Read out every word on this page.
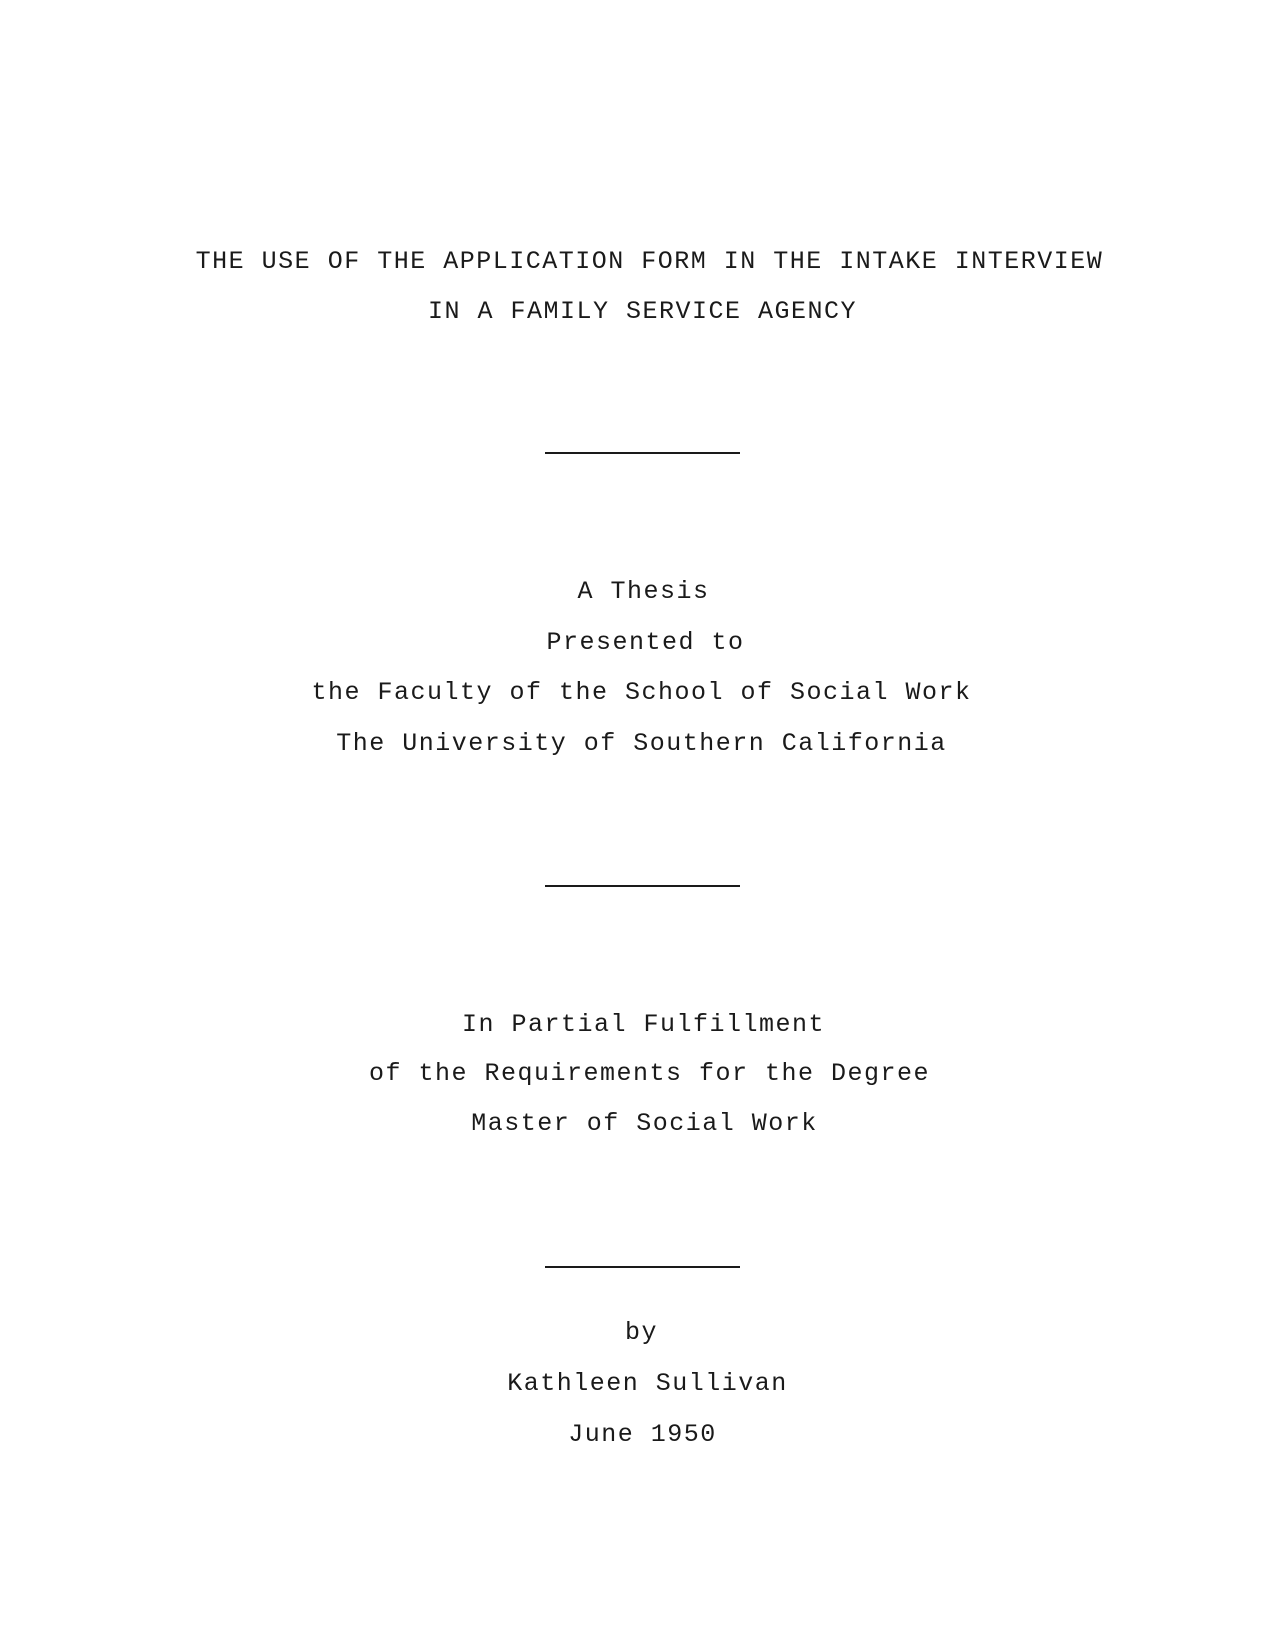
THE USE OF THE APPLICATION FORM IN THE INTAKE INTERVIEW
IN A FAMILY SERVICE AGENCY
A Thesis
Presented to
the Faculty of the School of Social Work
The University of Southern California
In Partial Fulfillment
of the Requirements for the Degree
Master of Social Work
by
Kathleen Sullivan
June 1950
